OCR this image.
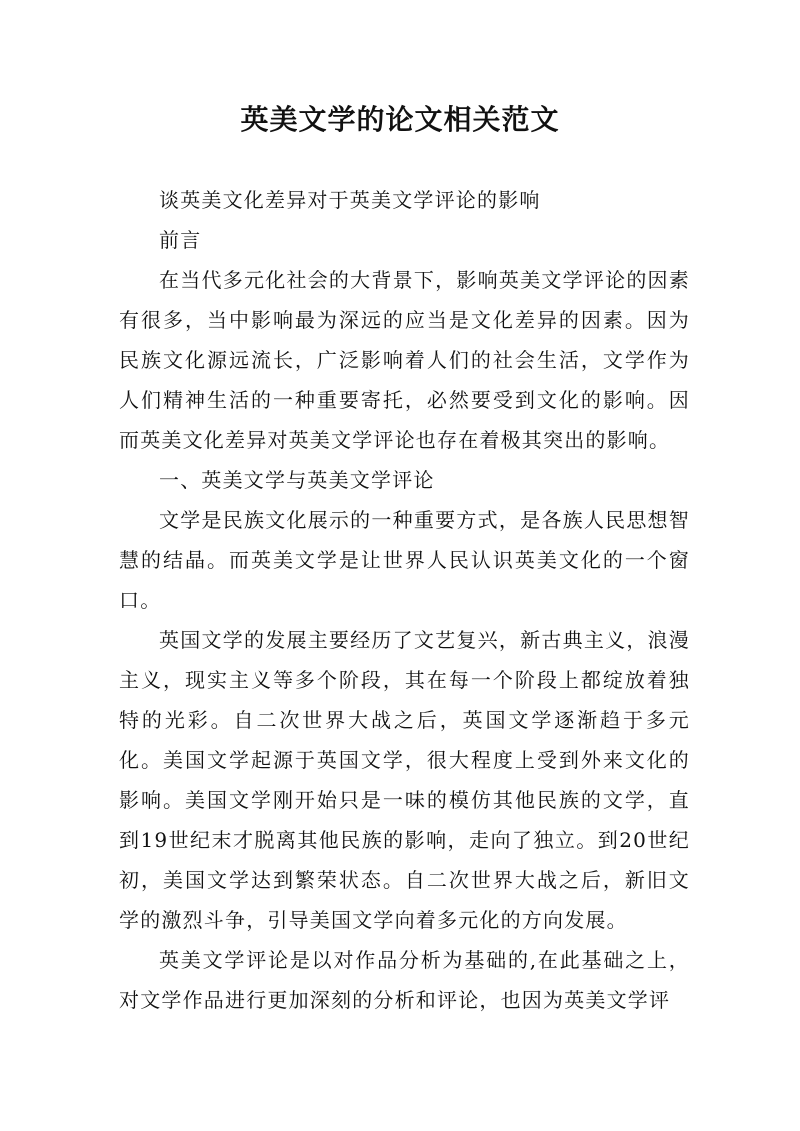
英美文学的论文相关范文

谈英美文化差异对于英美文学评论的影响

前言

在当代多元化社会的大背景下，影响英美文学评论的因素有很多，当中影响最为深远的应当是文化差异的因素。因为民族文化源远流长，广泛影响着人们的社会生活，文学作为人们精神生活的一种重要寄托，必然要受到文化的影响。因而英美文化差异对英美文学评论也存在着极其突出的影响。

一、英美文学与英美文学评论

文学是民族文化展示的一种重要方式，是各族人民思想智慧的结晶。而英美文学是让世界人民认识英美文化的一个窗口。

英国文学的发展主要经历了文艺复兴，新古典主义，浪漫主义，现实主义等多个阶段，其在每一个阶段上都绽放着独特的光彩。自二次世界大战之后，英国文学逐渐趋于多元化。美国文学起源于英国文学，很大程度上受到外来文化的影响。美国文学刚开始只是一味的模仿其他民族的文学，直到19世纪末才脱离其他民族的影响，走向了独立。到20世纪初，美国文学达到繁荣状态。自二次世界大战之后，新旧文学的激烈斗争，引导美国文学向着多元化的方向发展。

英美文学评论是以对作品分析为基础的,在此基础之上，对文学作品进行更加深刻的分析和评论，也因为英美文学评
